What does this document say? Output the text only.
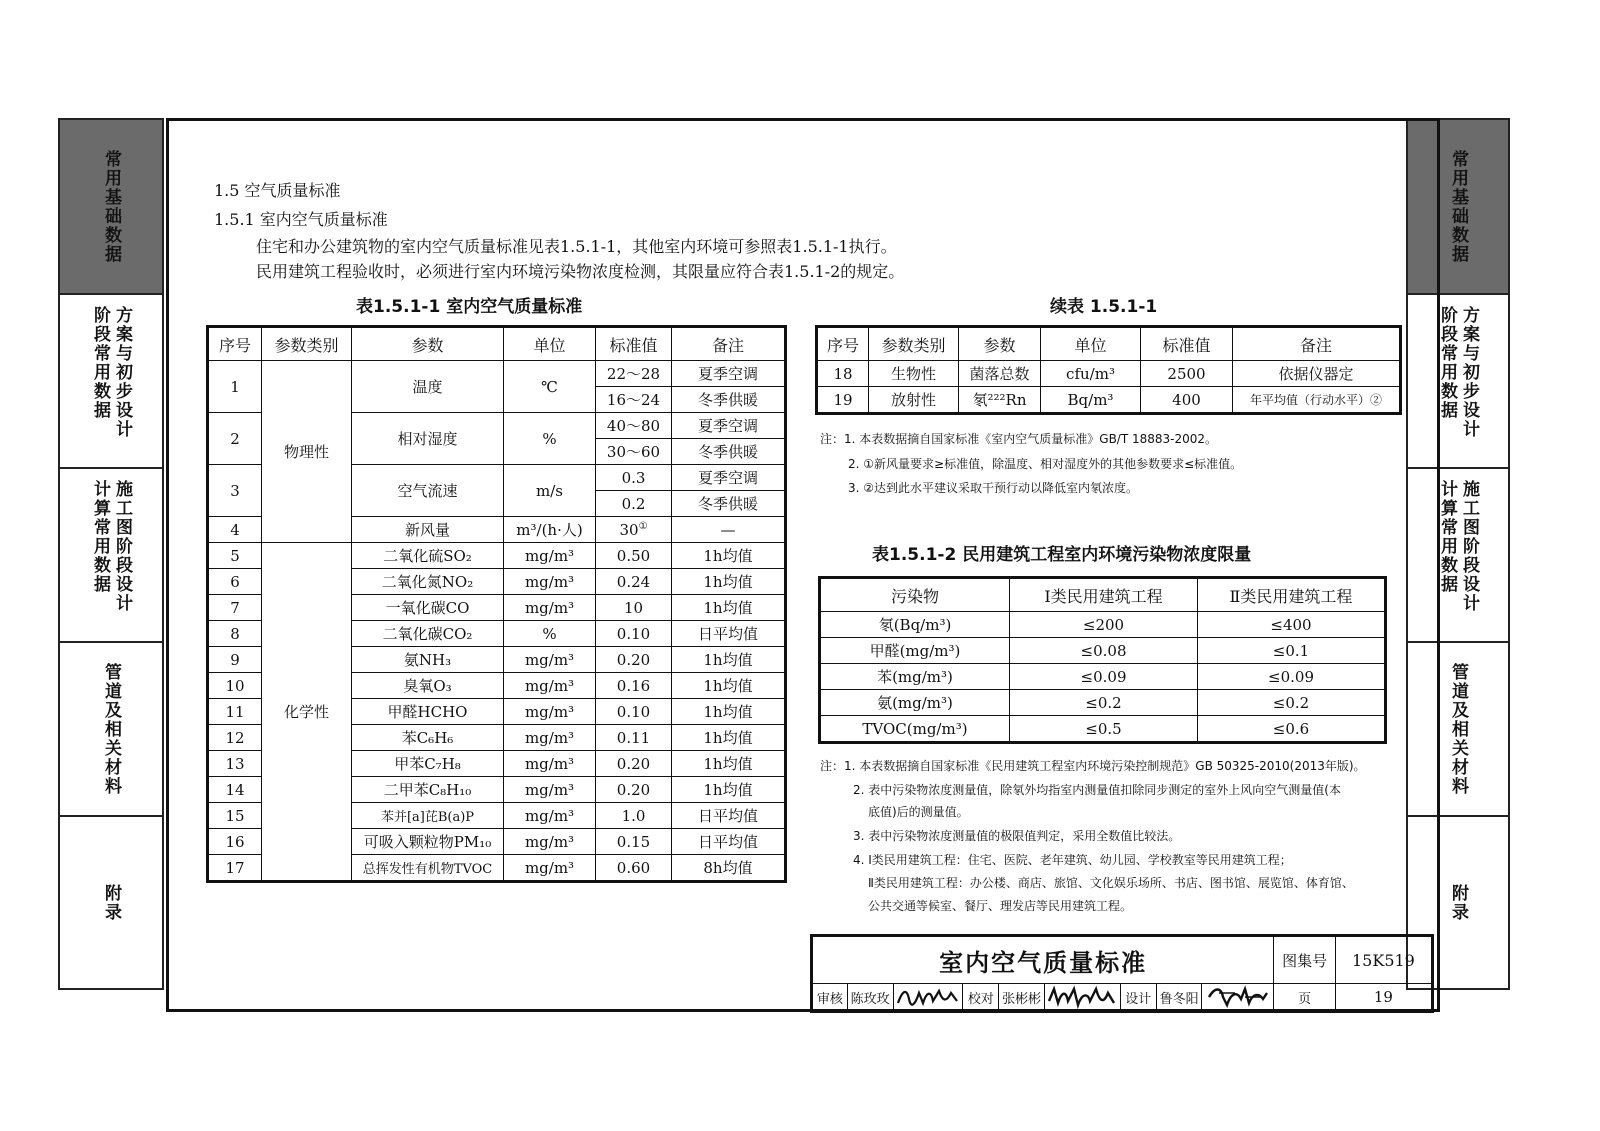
常用基础数据
方案与初步设计阶段常用数据
施工图阶段设计计算常用数据
管道及相关材料
附录
常用基础数据
方案与初步设计阶段常用数据
施工图阶段设计计算常用数据
管道及相关材料
附录
1.5 空气质量标准
1.5.1 室内空气质量标准
住宅和办公建筑物的室内空气质量标准见表1.5.1-1，其他室内环境可参照表1.5.1-1执行。
民用建筑工程验收时，必须进行室内环境污染物浓度检测，其限量应符合表1.5.1-2的规定。
表1.5.1-1 室内空气质量标准
序号	参数类别	参数	单位	标准值	备注
1	物理性	温度	℃	22～28	夏季空调
				16～24	冬季供暖
2		相对湿度	%	40～80	夏季空调
				30～60	冬季供暖
3		空气流速	m/s	0.3	夏季空调
				0.2	冬季供暖
4		新风量	m³/(h·人)	30①	—
5	化学性	二氧化硫SO₂	mg/m³	0.50	1h均值
6		二氧化氮NO₂	mg/m³	0.24	1h均值
7		一氧化碳CO	mg/m³	10	1h均值
8		二氧化碳CO₂	%	0.10	日平均值
9		氨NH₃	mg/m³	0.20	1h均值
10		臭氧O₃	mg/m³	0.16	1h均值
11		甲醛HCHO	mg/m³	0.10	1h均值
12		苯C₆H₆	mg/m³	0.11	1h均值
13		甲苯C₇H₈	mg/m³	0.20	1h均值
14		二甲苯C₈H₁₀	mg/m³	0.20	1h均值
15		苯并[a]芘B(a)P	mg/m³	1.0	日平均值
16		可吸入颗粒物PM₁₀	mg/m³	0.15	日平均值
17		总挥发性有机物TVOC	mg/m³	0.60	8h均值
续表 1.5.1-1
序号	参数类别	参数	单位	标准值	备注
18	生物性	菌落总数	cfu/m³	2500	依据仪器定
19	放射性	氡²²²Rn	Bq/m³	400	年平均值（行动水平）②
注：1. 本表数据摘自国家标准《室内空气质量标准》GB/T 18883-2002。
2. ①新风量要求≥标准值，除温度、相对湿度外的其他参数要求≤标准值。
3. ②达到此水平建议采取干预行动以降低室内氡浓度。
表1.5.1-2 民用建筑工程室内环境污染物浓度限量
污染物	Ⅰ类民用建筑工程	Ⅱ类民用建筑工程
氡(Bq/m³)	≤200	≤400
甲醛(mg/m³)	≤0.08	≤0.1
苯(mg/m³)	≤0.09	≤0.09
氨(mg/m³)	≤0.2	≤0.2
TVOC(mg/m³)	≤0.5	≤0.6
注：1. 本表数据摘自国家标准《民用建筑工程室内环境污染控制规范》GB 50325-2010(2013年版)。
2. 表中污染物浓度测量值，除氡外均指室内测量值扣除同步测定的室外上风向空气测量值(本
底值)后的测量值。
3. 表中污染物浓度测量值的极限值判定，采用全数值比较法。
4. Ⅰ类民用建筑工程：住宅、医院、老年建筑、幼儿园、学校教室等民用建筑工程；
Ⅱ类民用建筑工程：办公楼、商店、旅馆、文化娱乐场所、书店、图书馆、展览馆、体育馆、
公共交通等候室、餐厅、理发店等民用建筑工程。
室内空气质量标准									图集号	15K519
审核	陈玫玫		校对	张彬彬		设计	鲁冬阳		页	19
